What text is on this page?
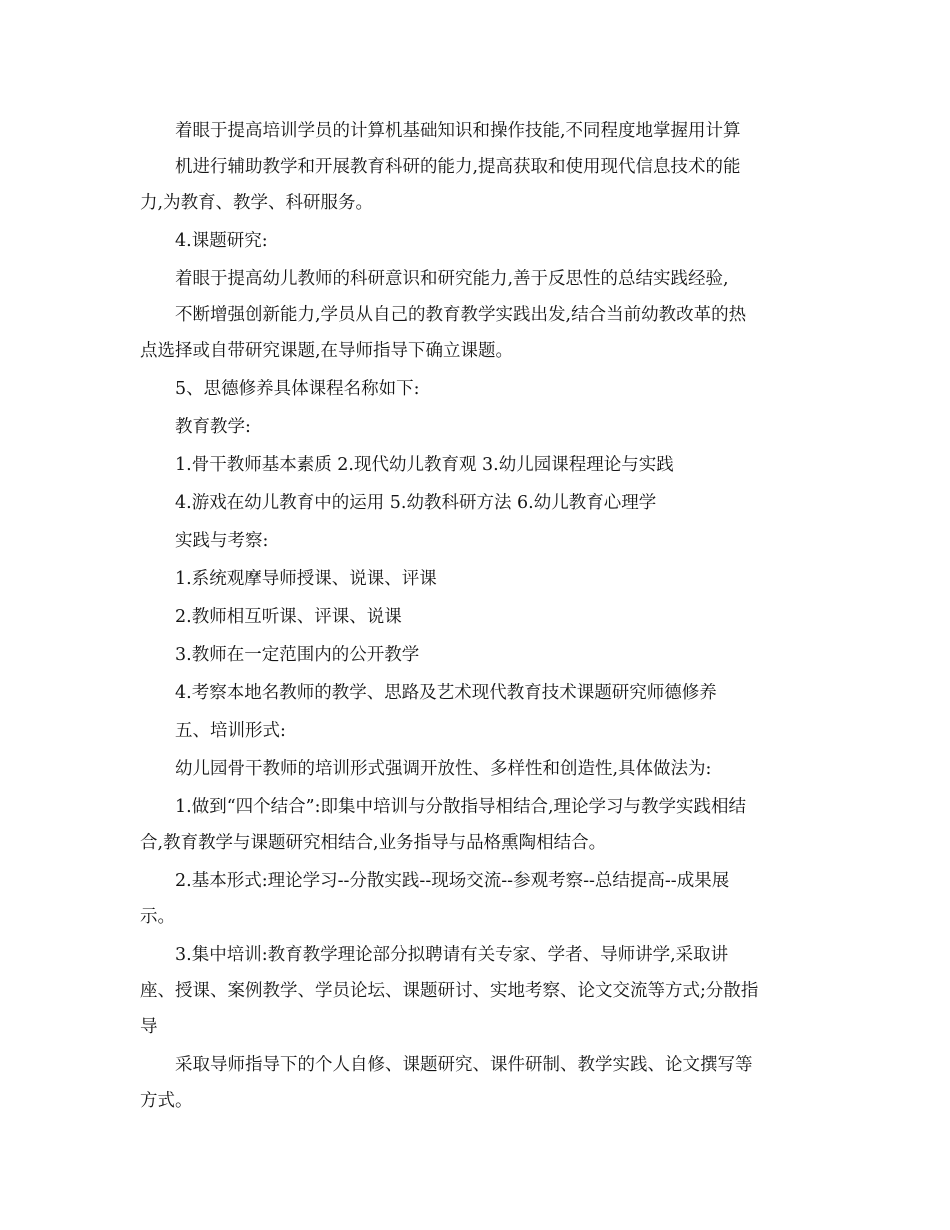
着眼于提高培训学员的计算机基础知识和操作技能,不同程度地掌握用计算
机进行辅助教学和开展教育科研的能力,提高获取和使用现代信息技术的能
力,为教育、教学、科研服务。
4.课题研究:
着眼于提高幼儿教师的科研意识和研究能力,善于反思性的总结实践经验,
不断增强创新能力,学员从自己的教育教学实践出发,结合当前幼教改革的热
点选择或自带研究课题,在导师指导下确立课题。
5、思德修养具体课程名称如下:
教育教学:
1.骨干教师基本素质 2.现代幼儿教育观 3.幼儿园课程理论与实践
4.游戏在幼儿教育中的运用 5.幼教科研方法 6.幼儿教育心理学
实践与考察:
1.系统观摩导师授课、说课、评课
2.教师相互听课、评课、说课
3.教师在一定范围内的公开教学
4.考察本地名教师的教学、思路及艺术现代教育技术课题研究师德修养
五、培训形式:
幼儿园骨干教师的培训形式强调开放性、多样性和创造性,具体做法为:
1.做到“四个结合”:即集中培训与分散指导相结合,理论学习与教学实践相结
合,教育教学与课题研究相结合,业务指导与品格熏陶相结合。
2.基本形式:理论学习--分散实践--现场交流--参观考察--总结提高--成果展
示。
3.集中培训:教育教学理论部分拟聘请有关专家、学者、导师讲学,采取讲
座、授课、案例教学、学员论坛、课题研讨、实地考察、论文交流等方式;分散指
导
采取导师指导下的个人自修、课题研究、课件研制、教学实践、论文撰写等
方式。
